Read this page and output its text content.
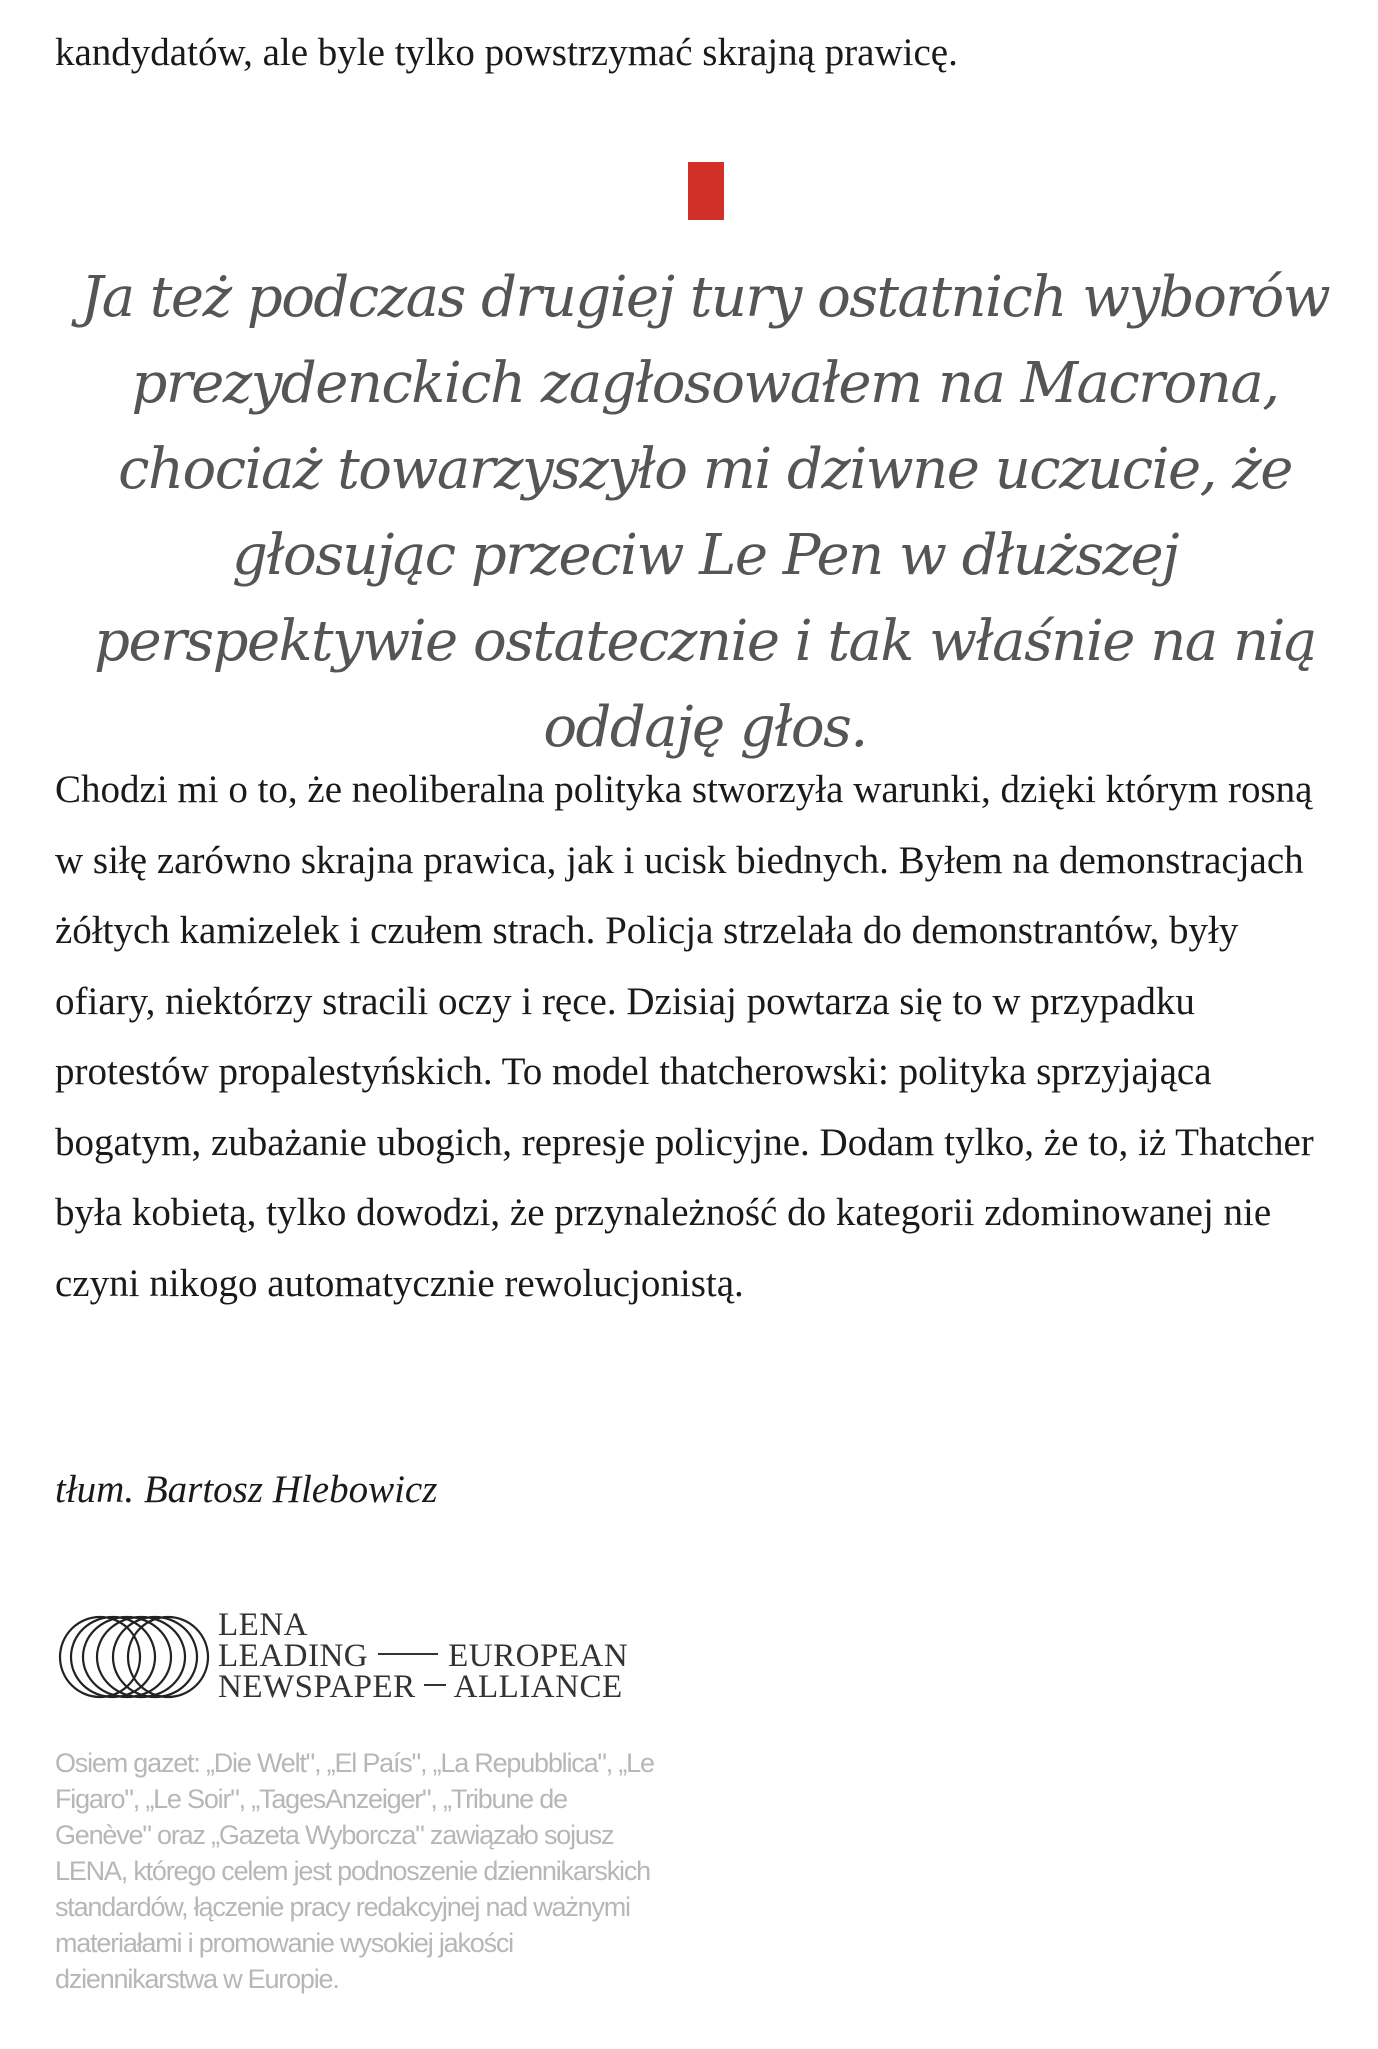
kandydatów, ale byle tylko powstrzymać skrajną prawicę.

Ja też podczas drugiej tury ostatnich wyborów prezydenckich zagłosowałem na Macrona, chociaż towarzyszyło mi dziwne uczucie, że głosując przeciw Le Pen w dłuższej perspektywie ostatecznie i tak właśnie na nią oddaję głos.

Chodzi mi o to, że neoliberalna polityka stworzyła warunki, dzięki którym rosną w siłę zarówno skrajna prawica, jak i ucisk biednych. Byłem na demonstracjach żółtych kamizelek i czułem strach. Policja strzelała do demonstrantów, były ofiary, niektórzy stracili oczy i ręce. Dzisiaj powtarza się to w przypadku protestów propalestyńskich. To model thatcherowski: polityka sprzyjająca bogatym, zubażanie ubogich, represje policyjne. Dodam tylko, że to, iż Thatcher była kobietą, tylko dowodzi, że przynależność do kategorii zdominowanej nie czyni nikogo automatycznie rewolucjonistą.

tłum. Bartosz Hlebowicz

LENA
LEADING EUROPEAN
NEWSPAPER ALLIANCE

Osiem gazet: „Die Welt", „El País", „La Repubblica", „Le Figaro", „Le Soir", „TagesAnzeiger", „Tribune de Genève" oraz „Gazeta Wyborcza" zawiązało sojusz LENA, którego celem jest podnoszenie dziennikarskich standardów, łączenie pracy redakcyjnej nad ważnymi materiałami i promowanie wysokiej jakości dziennikarstwa w Europie.
